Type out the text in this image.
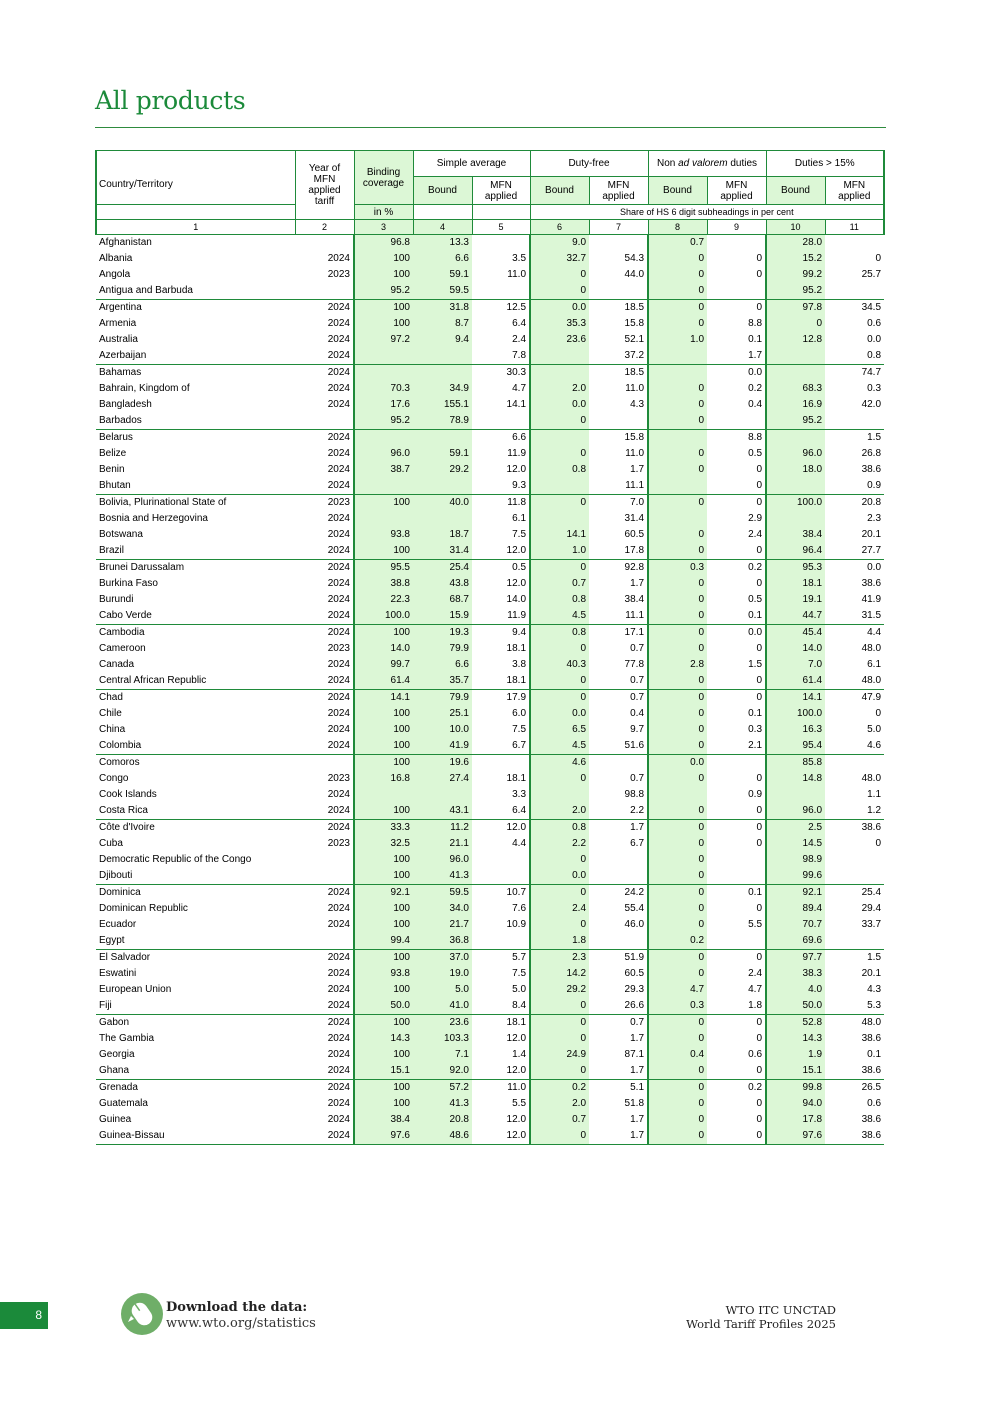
All products
Country/Territory	Year of MFN applied tariff	Binding coverage	Simple average		Duty-free		Non ad valorem duties		Duties > 15%	
			Bound	MFN applied	Bound	MFN applied	Bound	MFN applied	Bound	MFN applied
		in %			Share of HS 6 digit subheadings in per cent					
1	2	3	4	5	6	7	8	9	10	11
Afghanistan		96.8	13.3		9.0		0.7		28.0	
Albania	2024	100	6.6	3.5	32.7	54.3	0	0	15.2	0
Angola	2023	100	59.1	11.0	0	44.0	0	0	99.2	25.7
Antigua and Barbuda		95.2	59.5		0		0		95.2	
Argentina	2024	100	31.8	12.5	0.0	18.5	0	0	97.8	34.5
Armenia	2024	100	8.7	6.4	35.3	15.8	0	8.8	0	0.6
Australia	2024	97.2	9.4	2.4	23.6	52.1	1.0	0.1	12.8	0.0
Azerbaijan	2024			7.8		37.2		1.7		0.8
Bahamas	2024			30.3		18.5		0.0		74.7
Bahrain, Kingdom of	2024	70.3	34.9	4.7	2.0	11.0	0	0.2	68.3	0.3
Bangladesh	2024	17.6	155.1	14.1	0.0	4.3	0	0.4	16.9	42.0
Barbados		95.2	78.9		0		0		95.2	
Belarus	2024			6.6		15.8		8.8		1.5
Belize	2024	96.0	59.1	11.9	0	11.0	0	0.5	96.0	26.8
Benin	2024	38.7	29.2	12.0	0.8	1.7	0	0	18.0	38.6
Bhutan	2024			9.3		11.1		0		0.9
Bolivia, Plurinational State of	2023	100	40.0	11.8	0	7.0	0	0	100.0	20.8
Bosnia and Herzegovina	2024			6.1		31.4		2.9		2.3
Botswana	2024	93.8	18.7	7.5	14.1	60.5	0	2.4	38.4	20.1
Brazil	2024	100	31.4	12.0	1.0	17.8	0	0	96.4	27.7
Brunei Darussalam	2024	95.5	25.4	0.5	0	92.8	0.3	0.2	95.3	0.0
Burkina Faso	2024	38.8	43.8	12.0	0.7	1.7	0	0	18.1	38.6
Burundi	2024	22.3	68.7	14.0	0.8	38.4	0	0.5	19.1	41.9
Cabo Verde	2024	100.0	15.9	11.9	4.5	11.1	0	0.1	44.7	31.5
Cambodia	2024	100	19.3	9.4	0.8	17.1	0	0.0	45.4	4.4
Cameroon	2023	14.0	79.9	18.1	0	0.7	0	0	14.0	48.0
Canada	2024	99.7	6.6	3.8	40.3	77.8	2.8	1.5	7.0	6.1
Central African Republic	2024	61.4	35.7	18.1	0	0.7	0	0	61.4	48.0
Chad	2024	14.1	79.9	17.9	0	0.7	0	0	14.1	47.9
Chile	2024	100	25.1	6.0	0.0	0.4	0	0.1	100.0	0
China	2024	100	10.0	7.5	6.5	9.7	0	0.3	16.3	5.0
Colombia	2024	100	41.9	6.7	4.5	51.6	0	2.1	95.4	4.6
Comoros		100	19.6		4.6		0.0		85.8	
Congo	2023	16.8	27.4	18.1	0	0.7	0	0	14.8	48.0
Cook Islands	2024			3.3		98.8		0.9		1.1
Costa Rica	2024	100	43.1	6.4	2.0	2.2	0	0	96.0	1.2
Côte d'Ivoire	2024	33.3	11.2	12.0	0.8	1.7	0	0	2.5	38.6
Cuba	2023	32.5	21.1	4.4	2.2	6.7	0	0	14.5	0
Democratic Republic of the Congo		100	96.0		0		0		98.9	
Djibouti		100	41.3		0.0		0		99.6	
Dominica	2024	92.1	59.5	10.7	0	24.2	0	0.1	92.1	25.4
Dominican Republic	2024	100	34.0	7.6	2.4	55.4	0	0	89.4	29.4
Ecuador	2024	100	21.7	10.9	0	46.0	0	5.5	70.7	33.7
Egypt		99.4	36.8		1.8		0.2		69.6	
El Salvador	2024	100	37.0	5.7	2.3	51.9	0	0	97.7	1.5
Eswatini	2024	93.8	19.0	7.5	14.2	60.5	0	2.4	38.3	20.1
European Union	2024	100	5.0	5.0	29.2	29.3	4.7	4.7	4.0	4.3
Fiji	2024	50.0	41.0	8.4	0	26.6	0.3	1.8	50.0	5.3
Gabon	2024	100	23.6	18.1	0	0.7	0	0	52.8	48.0
The Gambia	2024	14.3	103.3	12.0	0	1.7	0	0	14.3	38.6
Georgia	2024	100	7.1	1.4	24.9	87.1	0.4	0.6	1.9	0.1
Ghana	2024	15.1	92.0	12.0	0	1.7	0	0	15.1	38.6
Grenada	2024	100	57.2	11.0	0.2	5.1	0	0.2	99.8	26.5
Guatemala	2024	100	41.3	5.5	2.0	51.8	0	0	94.0	0.6
Guinea	2024	38.4	20.8	12.0	0.7	1.7	0	0	17.8	38.6
Guinea-Bissau	2024	97.6	48.6	12.0	0	1.7	0	0	97.6	38.6
8	Download the data:
www.wto.org/statistics
WTO ITC UNCTAD
World Tariff Profiles 2025
